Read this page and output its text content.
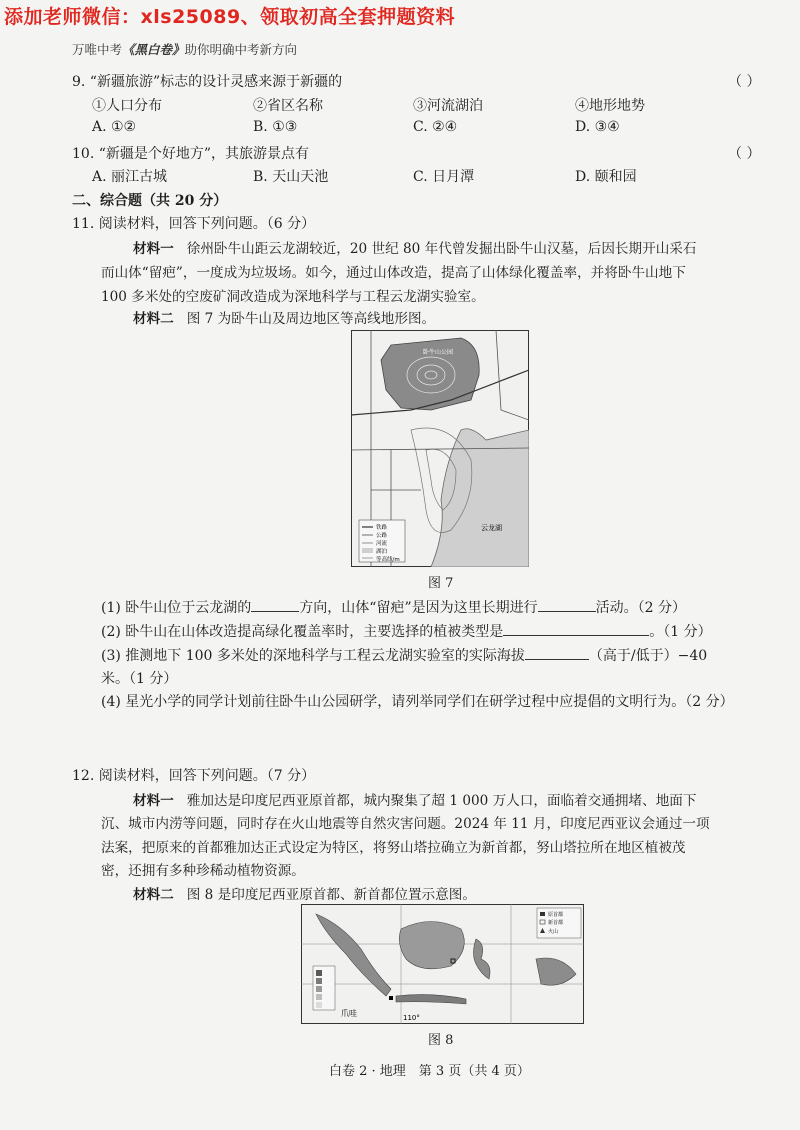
添加老师微信：xls25089、领取初高全套押题资料
万唯中考《黑白卷》助你明确中考新方向
9. “新疆旅游”标志的设计灵感来源于新疆的	（ ）
①人口分布	②省区名称	③河流湖泊	④地形地势
A. ①②	B. ①③	C. ②④	D. ③④
10. “新疆是个好地方”，其旅游景点有	（ ）
A. 丽江古城	B. 天山天池	C. 日月潭	D. 颐和园
二、综合题（共 20 分）
11. 阅读材料，回答下列问题。（6 分）
材料一 徐州卧牛山距云龙湖较近，20 世纪 80 年代曾发掘出卧牛山汉墓，后因长期开山采石
而山体“留疤”，一度成为垃圾场。如今，通过山体改造，提高了山体绿化覆盖率，并将卧牛山地下
100 多米处的空废矿洞改造成为深地科学与工程云龙湖实验室。
材料二 图 7 为卧牛山及周边地区等高线地形图。
铁路
公路
河流
湖泊
等高线/m
卧牛山公园
云龙湖
图 7
(1) 卧牛山位于云龙湖的	方向，山体“留疤”是因为这里长期进行	活动。（2 分）
(2) 卧牛山在山体改造提高绿化覆盖率时，主要选择的植被类型是	。（1 分）
(3) 推测地下 100 多米处的深地科学与工程云龙湖实验室的实际海拔	（高于/低于）−40
米。（1 分）
(4) 星光小学的同学计划前往卧牛山公园研学，请列举同学们在研学过程中应提倡的文明行为。（2 分）
12. 阅读材料，回答下列问题。（7 分）
材料一 雅加达是印度尼西亚原首都，城内聚集了超 1 000 万人口，面临着交通拥堵、地面下
沉、城市内涝等问题，同时存在火山地震等自然灾害问题。2024 年 11 月，印度尼西亚议会通过一项
法案，把原来的首都雅加达正式设定为特区，将努山塔拉确立为新首都，努山塔拉所在地区植被茂
密，还拥有多种珍稀动植物资源。
材料二 图 8 是印度尼西亚原首都、新首都位置示意图。
原首都
新首都
火山
爪哇	110°
图 8
白卷 2 · 地理　第 3 页（共 4 页）
